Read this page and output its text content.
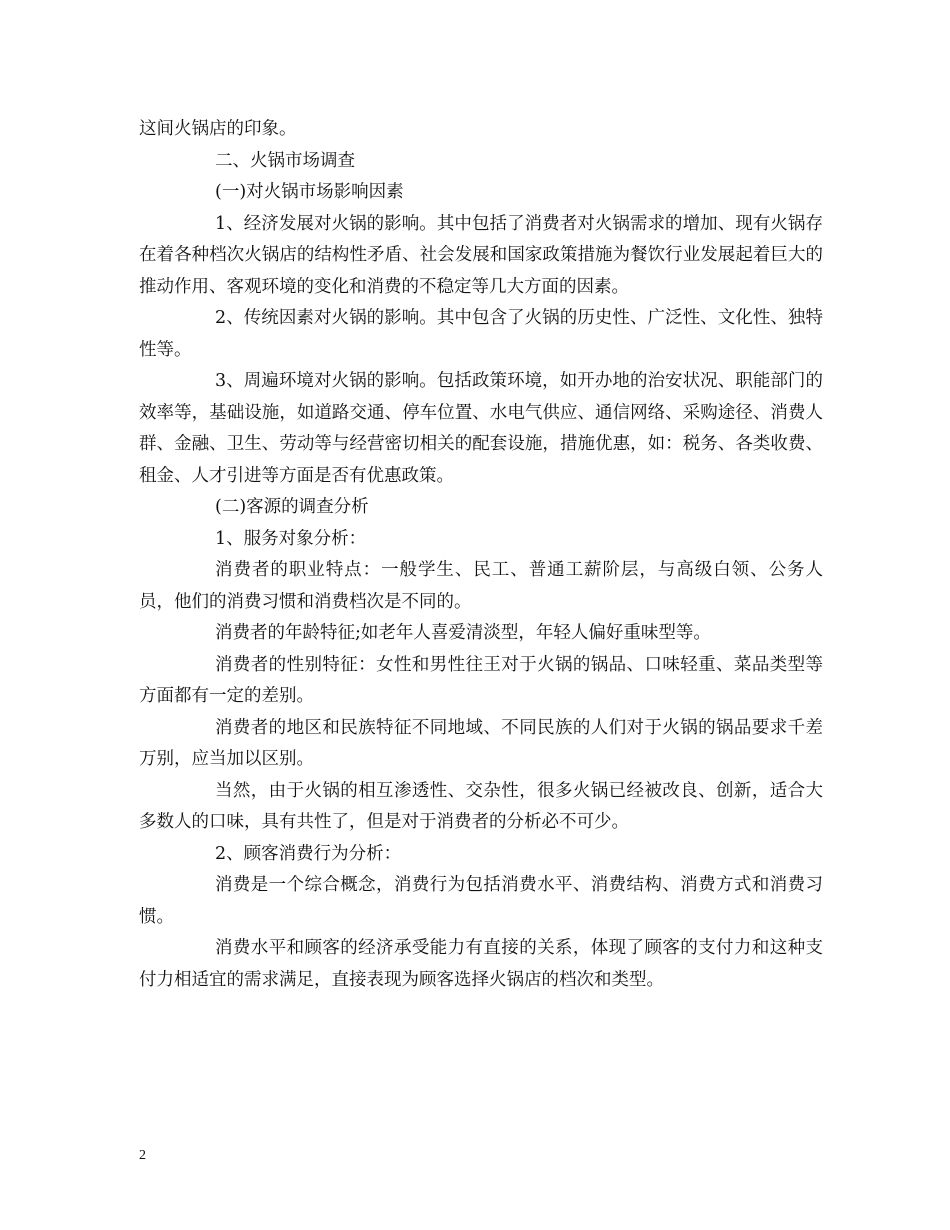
这间火锅店的印象。

二、火锅市场调查

(一)对火锅市场影响因素

1、经济发展对火锅的影响。其中包括了消费者对火锅需求的增加、现有火锅存在着各种档次火锅店的结构性矛盾、社会发展和国家政策措施为餐饮行业发展起着巨大的推动作用、客观环境的变化和消费的不稳定等几大方面的因素。

2、传统因素对火锅的影响。其中包含了火锅的历史性、广泛性、文化性、独特性等。

3、周遍环境对火锅的影响。包括政策环境，如开办地的治安状况、职能部门的效率等，基础设施，如道路交通、停车位置、水电气供应、通信网络、采购途径、消费人群、金融、卫生、劳动等与经营密切相关的配套设施，措施优惠，如：税务、各类收费、租金、人才引进等方面是否有优惠政策。

(二)客源的调查分析

1、服务对象分析：

消费者的职业特点：一般学生、民工、普通工薪阶层，与高级白领、公务人员，他们的消费习惯和消费档次是不同的。

消费者的年龄特征;如老年人喜爱清淡型，年轻人偏好重味型等。

消费者的性别特征：女性和男性往王对于火锅的锅品、口味轻重、菜品类型等方面都有一定的差别。

消费者的地区和民族特征不同地域、不同民族的人们对于火锅的锅品要求千差万别，应当加以区别。

当然，由于火锅的相互渗透性、交杂性，很多火锅已经被改良、创新，适合大多数人的口味，具有共性了，但是对于消费者的分析必不可少。

2、顾客消费行为分析：

消费是一个综合概念，消费行为包括消费水平、消费结构、消费方式和消费习惯。

消费水平和顾客的经济承受能力有直接的关系，体现了顾客的支付力和这种支付力相适宜的需求满足，直接表现为顾客选择火锅店的档次和类型。

2
